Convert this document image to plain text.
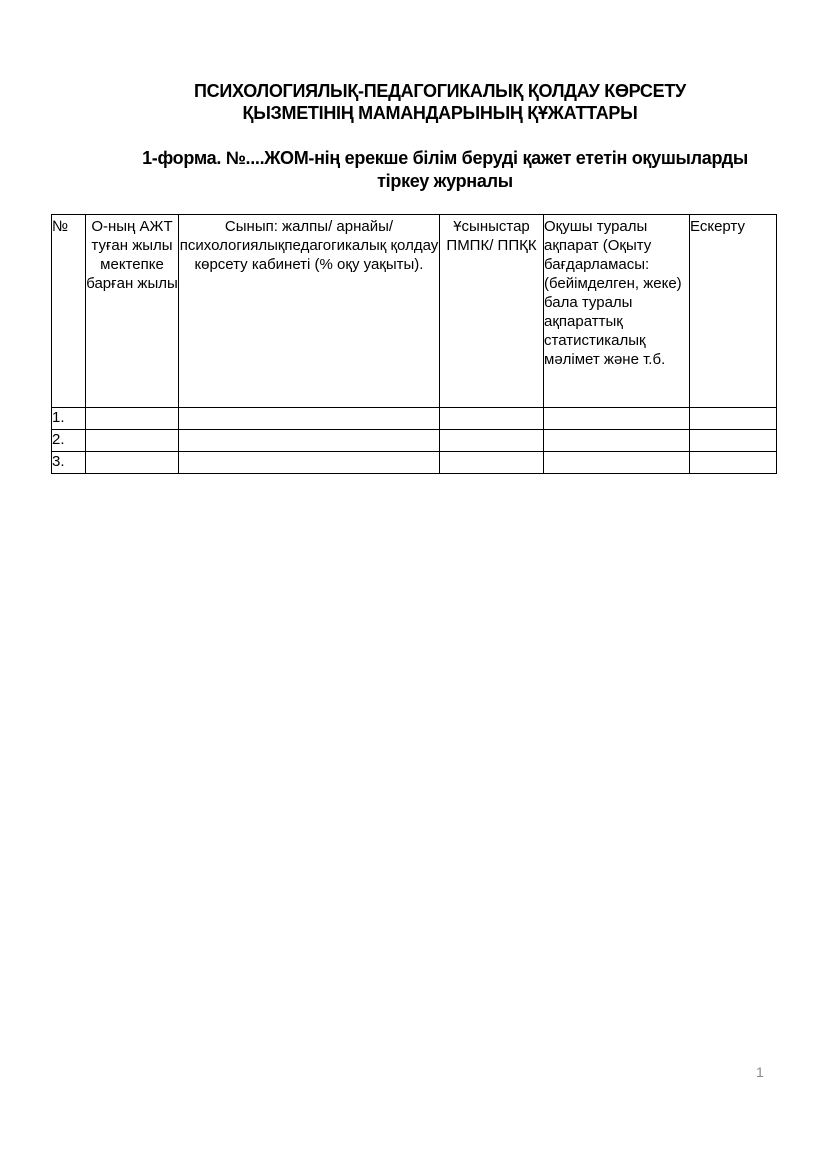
ПСИХОЛОГИЯЛЫҚ-ПЕДАГОГИКАЛЫҚ ҚОЛДАУ КӨРСЕТУ
ҚЫЗМЕТІНІҢ МАМАНДАРЫНЫҢ ҚҰЖАТТАРЫ
1-форма. №....ЖОМ-нің ерекше білім беруді қажет ететін оқушыларды
тіркеу журналы
№	О-ның АЖТ туған жылы мектепке барған жылы	Сынып: жалпы/ арнайы/ психологиялықпедагогикалық қолдау көрсету кабинеті (% оқу уақыты).	Ұсыныстар ПМПК/ ППҚК	Оқушы туралы ақпарат (Оқыту бағдарламасы: (бейімделген, жеке) бала туралы ақпараттық статистикалық мәлімет және т.б.	Ескерту
1.					
2.					
3.					
1
